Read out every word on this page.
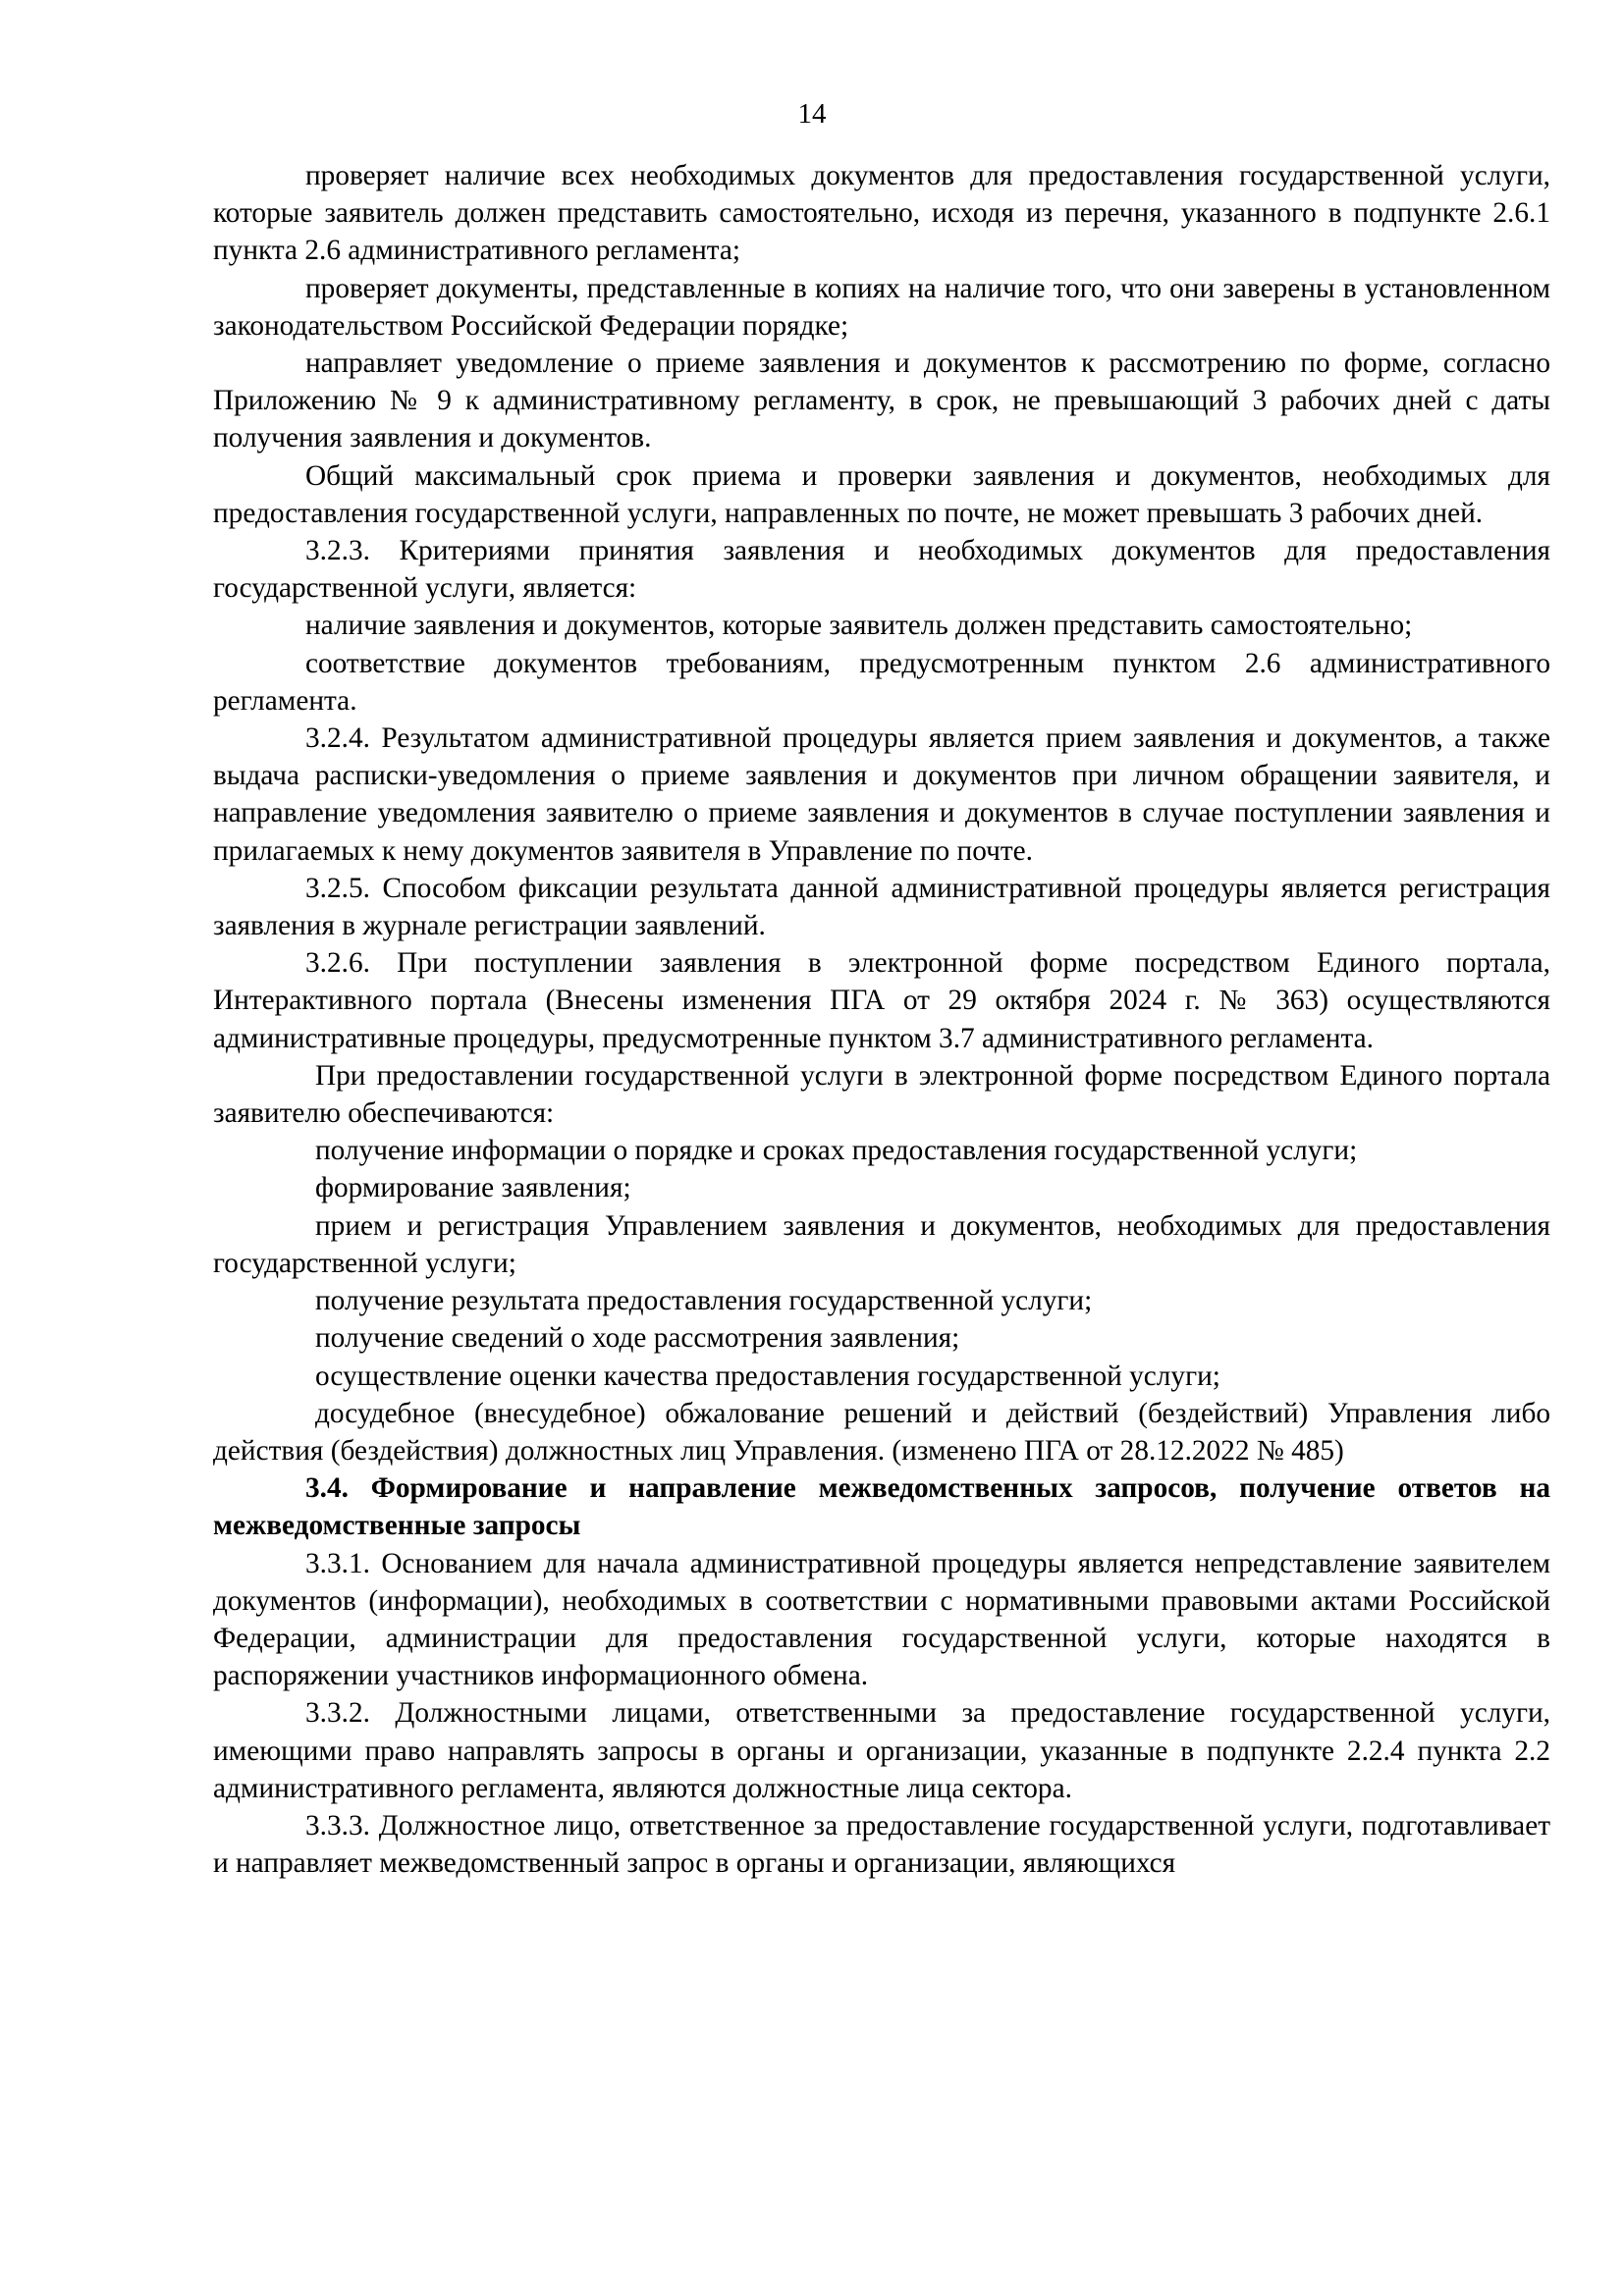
14

проверяет наличие всех необходимых документов для предоставления государственной услуги, которые заявитель должен представить самостоятельно, исходя из перечня, указанного в подпункте 2.6.1 пункта 2.6 административного регламента;

проверяет документы, представленные в копиях на наличие того, что они заверены в установленном законодательством Российской Федерации порядке;

направляет уведомление о приеме заявления и документов к рассмотрению по форме, согласно Приложению № 9 к административному регламенту, в срок, не превышающий 3 рабочих дней с даты получения заявления и документов.

Общий максимальный срок приема и проверки заявления и документов, необходимых для предоставления государственной услуги, направленных по почте, не может превышать 3 рабочих дней.

3.2.3. Критериями принятия заявления и необходимых документов для предоставления государственной услуги, является:

наличие заявления и документов, которые заявитель должен представить самостоятельно;

соответствие документов требованиям, предусмотренным пунктом 2.6 административного регламента.

3.2.4. Результатом административной процедуры является прием заявления и документов, а также выдача расписки-уведомления о приеме заявления и документов при личном обращении заявителя, и направление уведомления заявителю о приеме заявления и документов в случае поступлении заявления и прилагаемых к нему документов заявителя в Управление по почте.

3.2.5. Способом фиксации результата данной административной процедуры является регистрация заявления в журнале регистрации заявлений.

3.2.6. При поступлении заявления в электронной форме посредством Единого портала, Интерактивного портала (Внесены изменения ПГА от 29 октября 2024 г. № 363) осуществляются административные процедуры, предусмотренные пунктом 3.7 административного регламента.

При предоставлении государственной услуги в электронной форме посредством Единого портала заявителю обеспечиваются:

получение информации о порядке и сроках предоставления государственной услуги;

формирование заявления;

прием и регистрация Управлением заявления и документов, необходимых для предоставления государственной услуги;

получение результата предоставления государственной услуги;

получение сведений о ходе рассмотрения заявления;

осуществление оценки качества предоставления государственной услуги;

досудебное (внесудебное) обжалование решений и действий (бездействий) Управления либо действия (бездействия) должностных лиц Управления. (изменено ПГА от 28.12.2022 № 485)

3.4. Формирование и направление межведомственных запросов, получение ответов на межведомственные запросы

3.3.1. Основанием для начала административной процедуры является непредставление заявителем документов (информации), необходимых в соответствии с нормативными правовыми актами Российской Федерации, администрации для предоставления государственной услуги, которые находятся в распоряжении участников информационного обмена.

3.3.2. Должностными лицами, ответственными за предоставление государственной услуги, имеющими право направлять запросы в органы и организации, указанные в подпункте 2.2.4 пункта 2.2 административного регламента, являются должностные лица сектора.

3.3.3. Должностное лицо, ответственное за предоставление государственной услуги, подготавливает и направляет межведомственный запрос в органы и организации, являющихся
